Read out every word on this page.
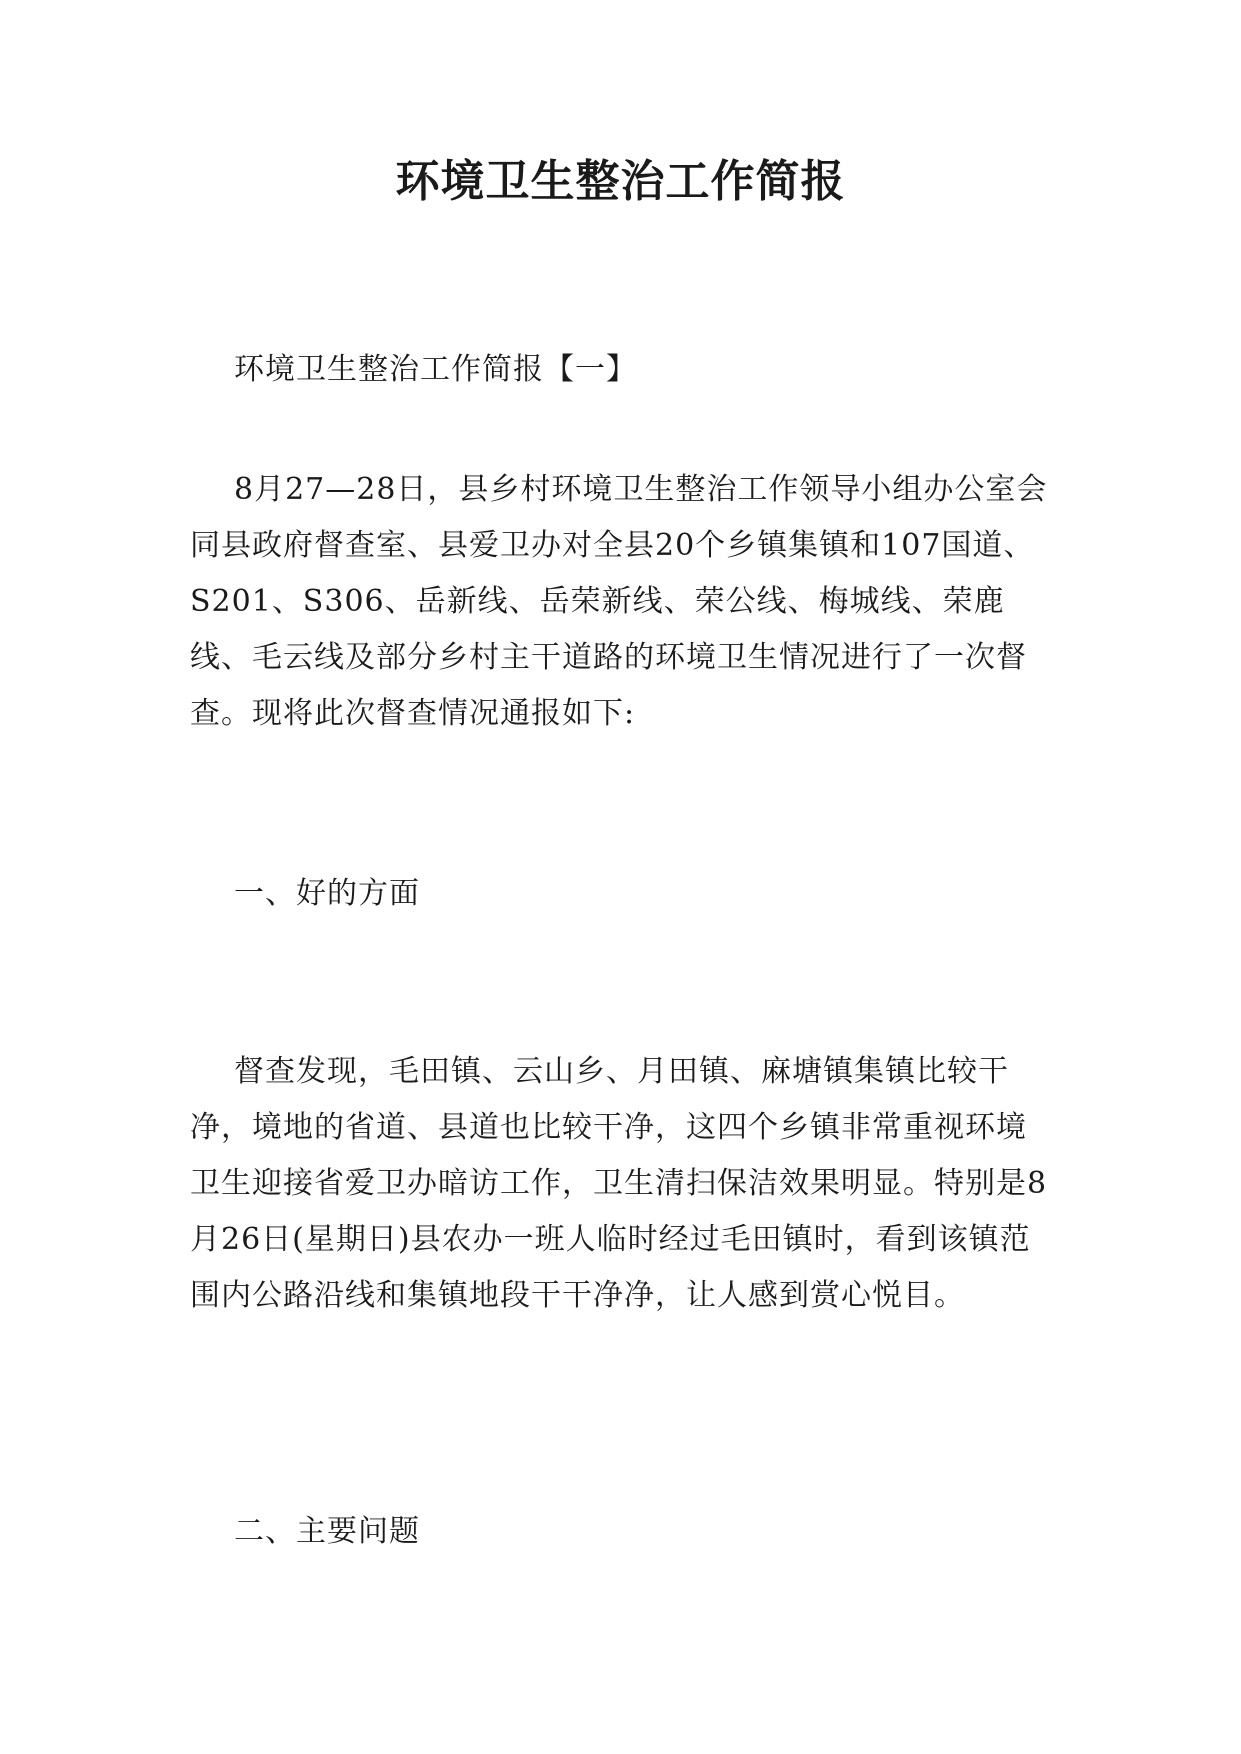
环境卫生整治工作简报

环境卫生整治工作简报【一】

8月27—28日，县乡村环境卫生整治工作领导小组办公室会同县政府督查室、县爱卫办对全县20个乡镇集镇和107国道、S201、S306、岳新线、岳荣新线、荣公线、梅城线、荣鹿线、毛云线及部分乡村主干道路的环境卫生情况进行了一次督查。现将此次督查情况通报如下:

一、好的方面

督查发现，毛田镇、云山乡、月田镇、麻塘镇集镇比较干净，境地的省道、县道也比较干净，这四个乡镇非常重视环境卫生迎接省爱卫办暗访工作，卫生清扫保洁效果明显。特别是8月26日(星期日)县农办一班人临时经过毛田镇时，看到该镇范围内公路沿线和集镇地段干干净净，让人感到赏心悦目。

二、主要问题
